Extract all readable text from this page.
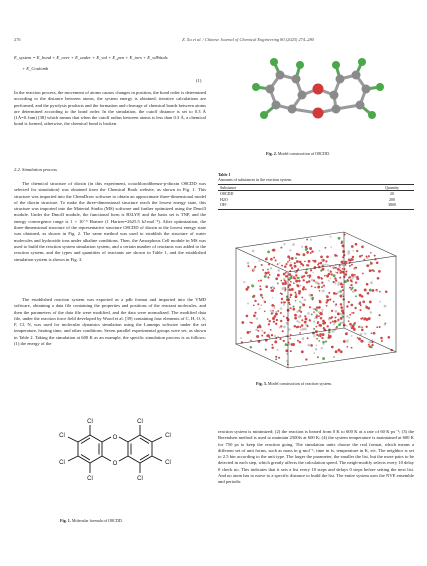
276	Z. Xu et al. / Chinese Journal of Chemical Engineering 80 (2025) 274–280
E_system = E_bond + E_over + E_under + E_val + E_pen + E_tors + E_vdWaals
+ E_Coulomb
(1)
In the reaction process, the movement of atoms causes changes in position, the bond order is determined according to the distance between atoms, the system energy is obtained, iterative calculations are performed, and the pyrolysis products and the formation and cleavage of chemical bonds between atoms are determined according to the bond order. In the simulation, the cutoff distance is set to 0.3 Å (1Å=0.1nm) [38] which means that when the cutoff radius between atoms is less than 0.3 Å, a chemical bond is formed, otherwise, the chemical bond is broken.
2.2. Simulation process
The chemical structure of dioxin (in this experiment, octachlorodibenzo-p-dioxin O8CDD was selected for simulation) was obtained from the Chemical Book website, as shown in Fig. 1. This structure was imported into the ChemDraw software to obtain an approximate three-dimensional model of the dioxin structure. To make the three-dimensional structure reach the lowest energy state, this structure was imported into the Material Studio (MS) software and further optimized using the Dmol3 module. Under the Dmol3 module, the functional form is B3LYP, and the basis set is TNP, and the energy convergence range is 1 × 10⁻⁵ Hartree (1 Hartree=2625.5 kJ·mol⁻¹). After optimization, the three-dimensional structure of the representative structure O8CDD of dioxin at the lowest energy state was obtained, as shown in Fig. 2. The same method was used to establish the structure of water molecules and hydroxide ions under alkaline conditions. Then, the Amorphous Cell module in MS was used to build the reaction system simulation system, and a certain number of reactants was added to the reaction system, and the types and quantities of reactants are shown in Table 1, and the established simulation system is shown in Fig. 3.
The established reaction system was exported as a pdb format and imported into the VMD software, obtaining a data file containing the properties and positions of the reactant molecules, and then the parameters of the data file were modified, and the data were normalized. The modified data file, under the reaction force field developed by Wood et al. [39] containing four elements of C, H, O, S, F, Cl, N, was used for molecular dynamics simulation using the Lammps software under the set temperature, heating time, and other conditions. Seven parallel experimental groups were set, as shown in Table 2. Taking the simulation at 600 K as an example, the specific simulation process is as follows: (1) the energy of the
O
O
Cl
Cl
Cl
Cl
Cl
Cl
Cl
Cl
Fig. 1. Molecular formula of O8CDD.
Fig. 2. Model construction of O8CDD.
Table 1
Amounts of substances in the reaction system.
Substance	Quantity

O8CDD	20
H2O	200
OH⁻	3800
Fig. 3. Model construction of reaction system.
reaction system is minimized; (2) the reaction is heated from 0 K to 600 K at a rate of 60 K·ps⁻¹; (3) the Berendsen method is used to maintain 2500fs at 600 K; (4) the system temperature is maintained at 600 K for 750 ps to keep the reaction going. The simulation units choose the real format, which means a different set of unit forms, such as mass in g·mol⁻¹, time in fs, temperature in K, etc. The neighbor is set to 2.5 bin according to the unit type. The larger the parameter, the smaller the list, but the more pairs to be detected in each step, which greatly affects the calculation speed. The neigh-modify selects every 10 delay 0 check no. This indicates that it sets a list every 10 steps and delays 0 steps before setting the next list. And no atom has to move to a specific distance to build the list. The entire system uses the NVE ensemble and periodic
